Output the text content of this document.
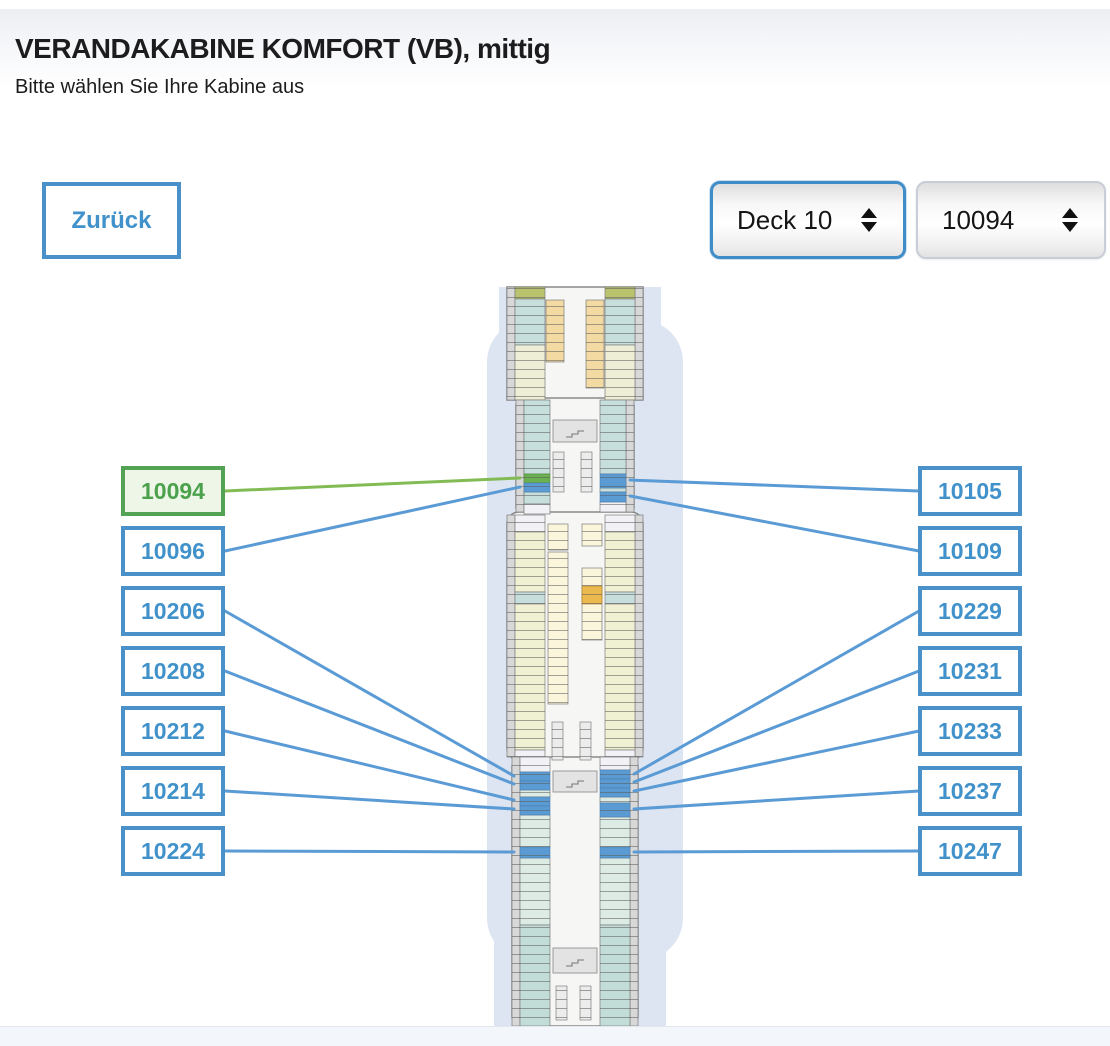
VERANDAKABINE KOMFORT (VB), mittig
Bitte wählen Sie Ihre Kabine aus
Zurück	Deck 10	10094
10094
10096
10206
10208
10212
10214
10224
10105
10109
10229
10231
10233
10237
10247
